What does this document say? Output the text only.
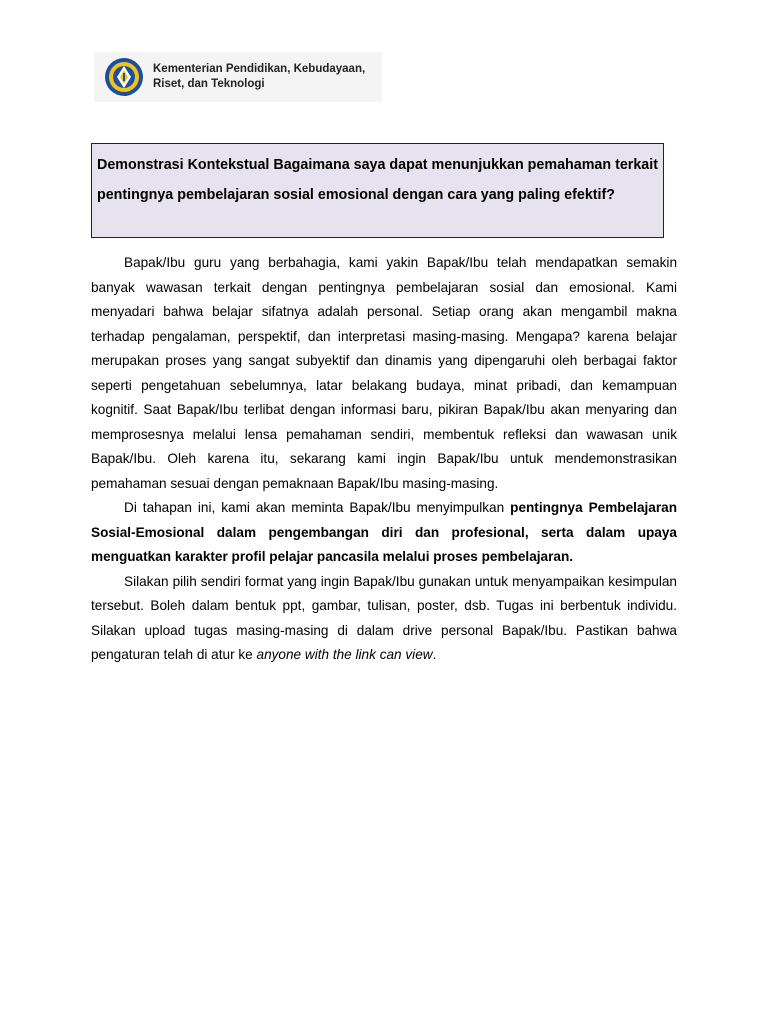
Kementerian Pendidikan, Kebudayaan,
Riset, dan Teknologi

Demonstrasi Kontekstual Bagaimana saya dapat menunjukkan pemahaman terkait pentingnya pembelajaran sosial emosional dengan cara yang paling efektif?

Bapak/Ibu guru yang berbahagia, kami yakin Bapak/Ibu telah mendapatkan semakin banyak wawasan terkait dengan pentingnya pembelajaran sosial dan emosional. Kami menyadari bahwa belajar sifatnya adalah personal. Setiap orang akan mengambil makna terhadap pengalaman, perspektif, dan interpretasi masing-masing. Mengapa? karena belajar merupakan proses yang sangat subyektif dan dinamis yang dipengaruhi oleh berbagai faktor seperti pengetahuan sebelumnya, latar belakang budaya, minat pribadi, dan kemampuan kognitif. Saat Bapak/Ibu terlibat dengan informasi baru, pikiran Bapak/Ibu akan menyaring dan memprosesnya melalui lensa pemahaman sendiri, membentuk refleksi dan wawasan unik Bapak/Ibu. Oleh karena itu, sekarang kami ingin Bapak/Ibu untuk mendemonstrasikan pemahaman sesuai dengan pemaknaan Bapak/Ibu masing-masing.

Di tahapan ini, kami akan meminta Bapak/Ibu menyimpulkan pentingnya Pembelajaran Sosial-Emosional dalam pengembangan diri dan profesional, serta dalam upaya menguatkan karakter profil pelajar pancasila melalui proses pembelajaran.

Silakan pilih sendiri format yang ingin Bapak/Ibu gunakan untuk menyampaikan kesimpulan tersebut. Boleh dalam bentuk ppt, gambar, tulisan, poster, dsb. Tugas ini berbentuk individu. Silakan upload tugas masing-masing di dalam drive personal Bapak/Ibu. Pastikan bahwa pengaturan telah di atur ke anyone with the link can view.
